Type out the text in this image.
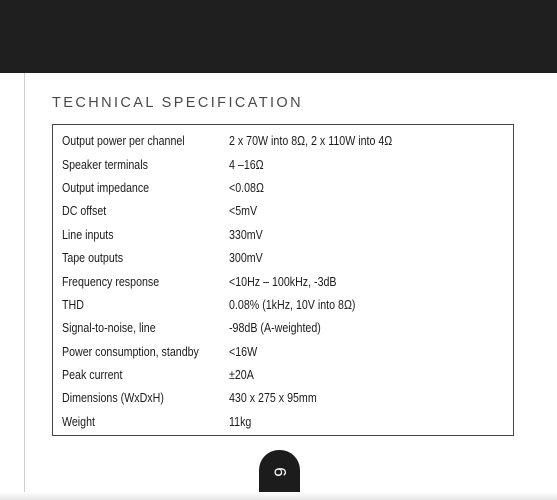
TECHNICAL SPECIFICATION
Output power per channel	2 x 70W into 8Ω, 2 x 110W into 4Ω
Speaker terminals	4 –16Ω
Output impedance	<0.08Ω
DC offset	<5mV
Line inputs	330mV
Tape outputs	300mV
Frequency response	<10Hz – 100kHz, -3dB
THD	0.08% (1kHz, 10V into 8Ω)
Signal-to-noise, line	-98dB (A-weighted)
Power consumption, standby	<16W
Peak current	±20A
Dimensions (WxDxH)	430 x 275 x 95mm
Weight	11kg
6
